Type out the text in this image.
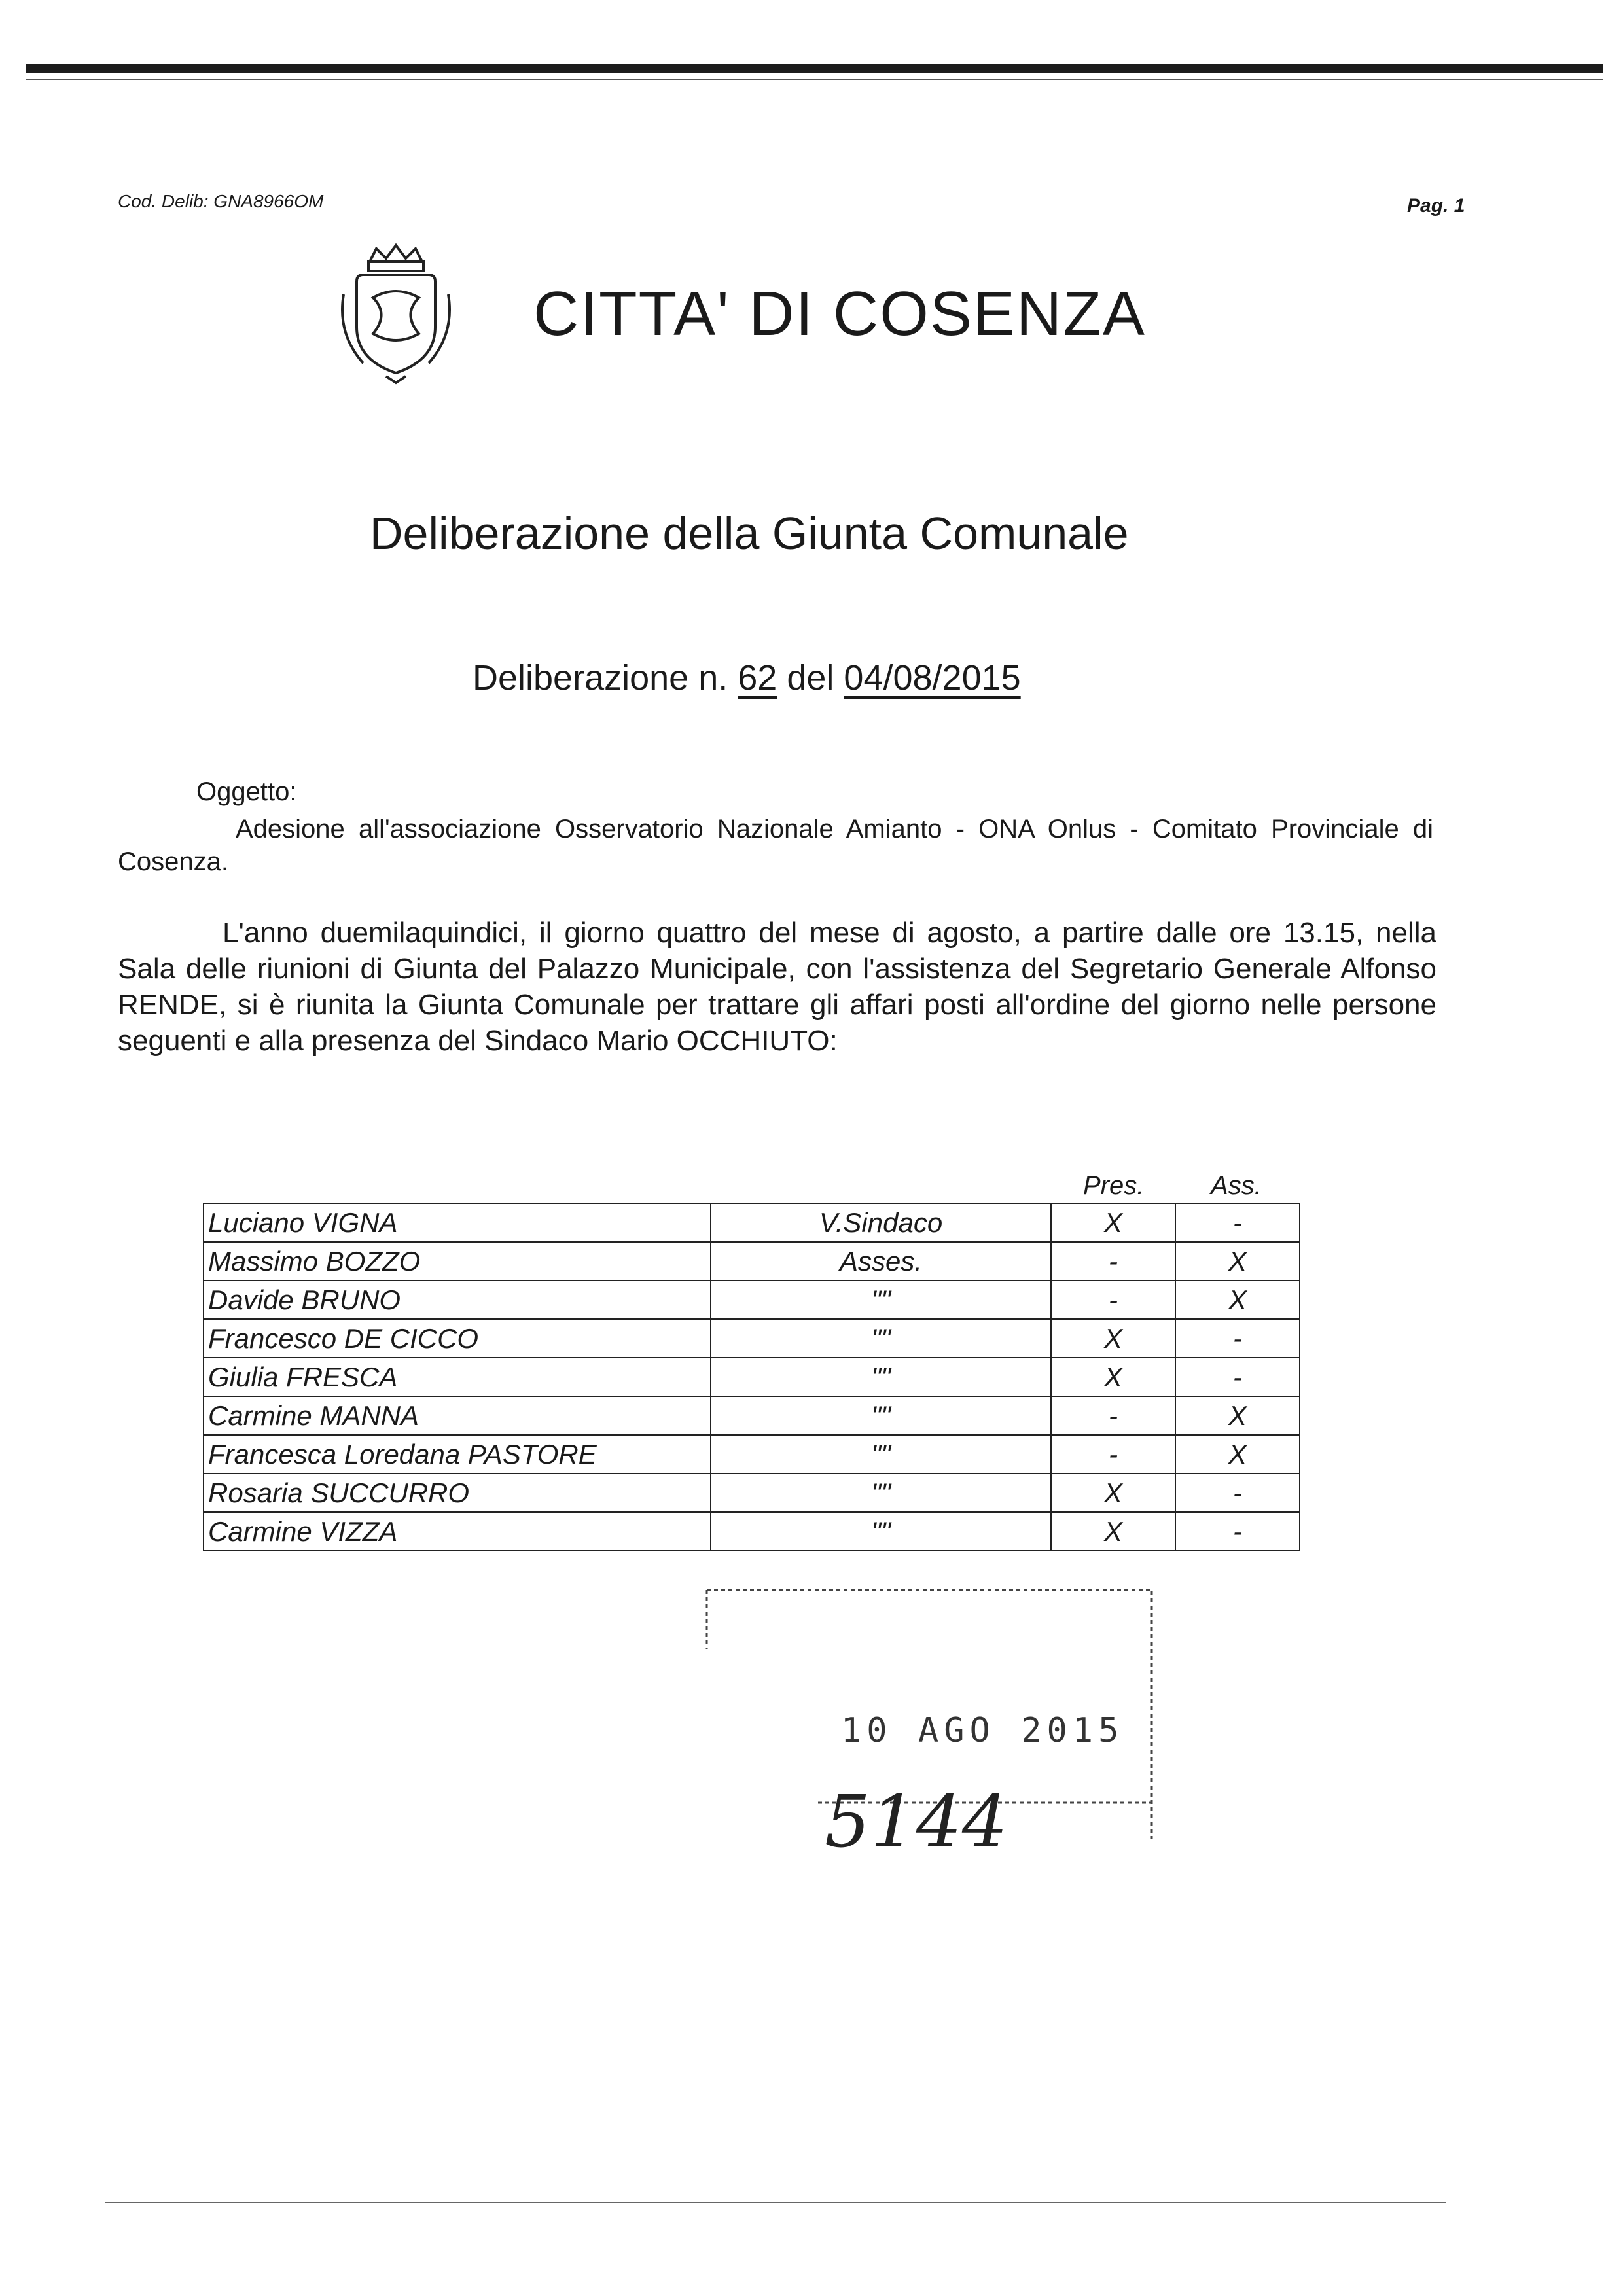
Cod. Delib: GNA8966OM	Pag. 1
CITTA' DI COSENZA
Deliberazione della Giunta Comunale
Deliberazione n. 62 del 04/08/2015
Oggetto:
Adesione all'associazione Osservatorio Nazionale Amianto - ONA Onlus - Comitato Provinciale di Cosenza.
L'anno duemilaquindici, il giorno quattro del mese di agosto, a partire dalle ore 13.15, nella Sala delle riunioni di Giunta del Palazzo Municipale, con l'assistenza del Segretario Generale Alfonso RENDE, si è riunita la Giunta Comunale per trattare gli affari posti all'ordine del giorno nelle persone seguenti e alla presenza del Sindaco Mario OCCHIUTO:
Pres.	Ass.
Luciano VIGNA	V.Sindaco	X	-
Massimo BOZZO	Asses.	-	X
Davide BRUNO	""	-	X
Francesco DE CICCO	""	X	-
Giulia FRESCA	""	X	-
Carmine MANNA	""	-	X
Francesca Loredana PASTORE	""	-	X
Rosaria SUCCURRO	""	X	-
Carmine VIZZA	""	X	-
10 AGO 2015
5144
